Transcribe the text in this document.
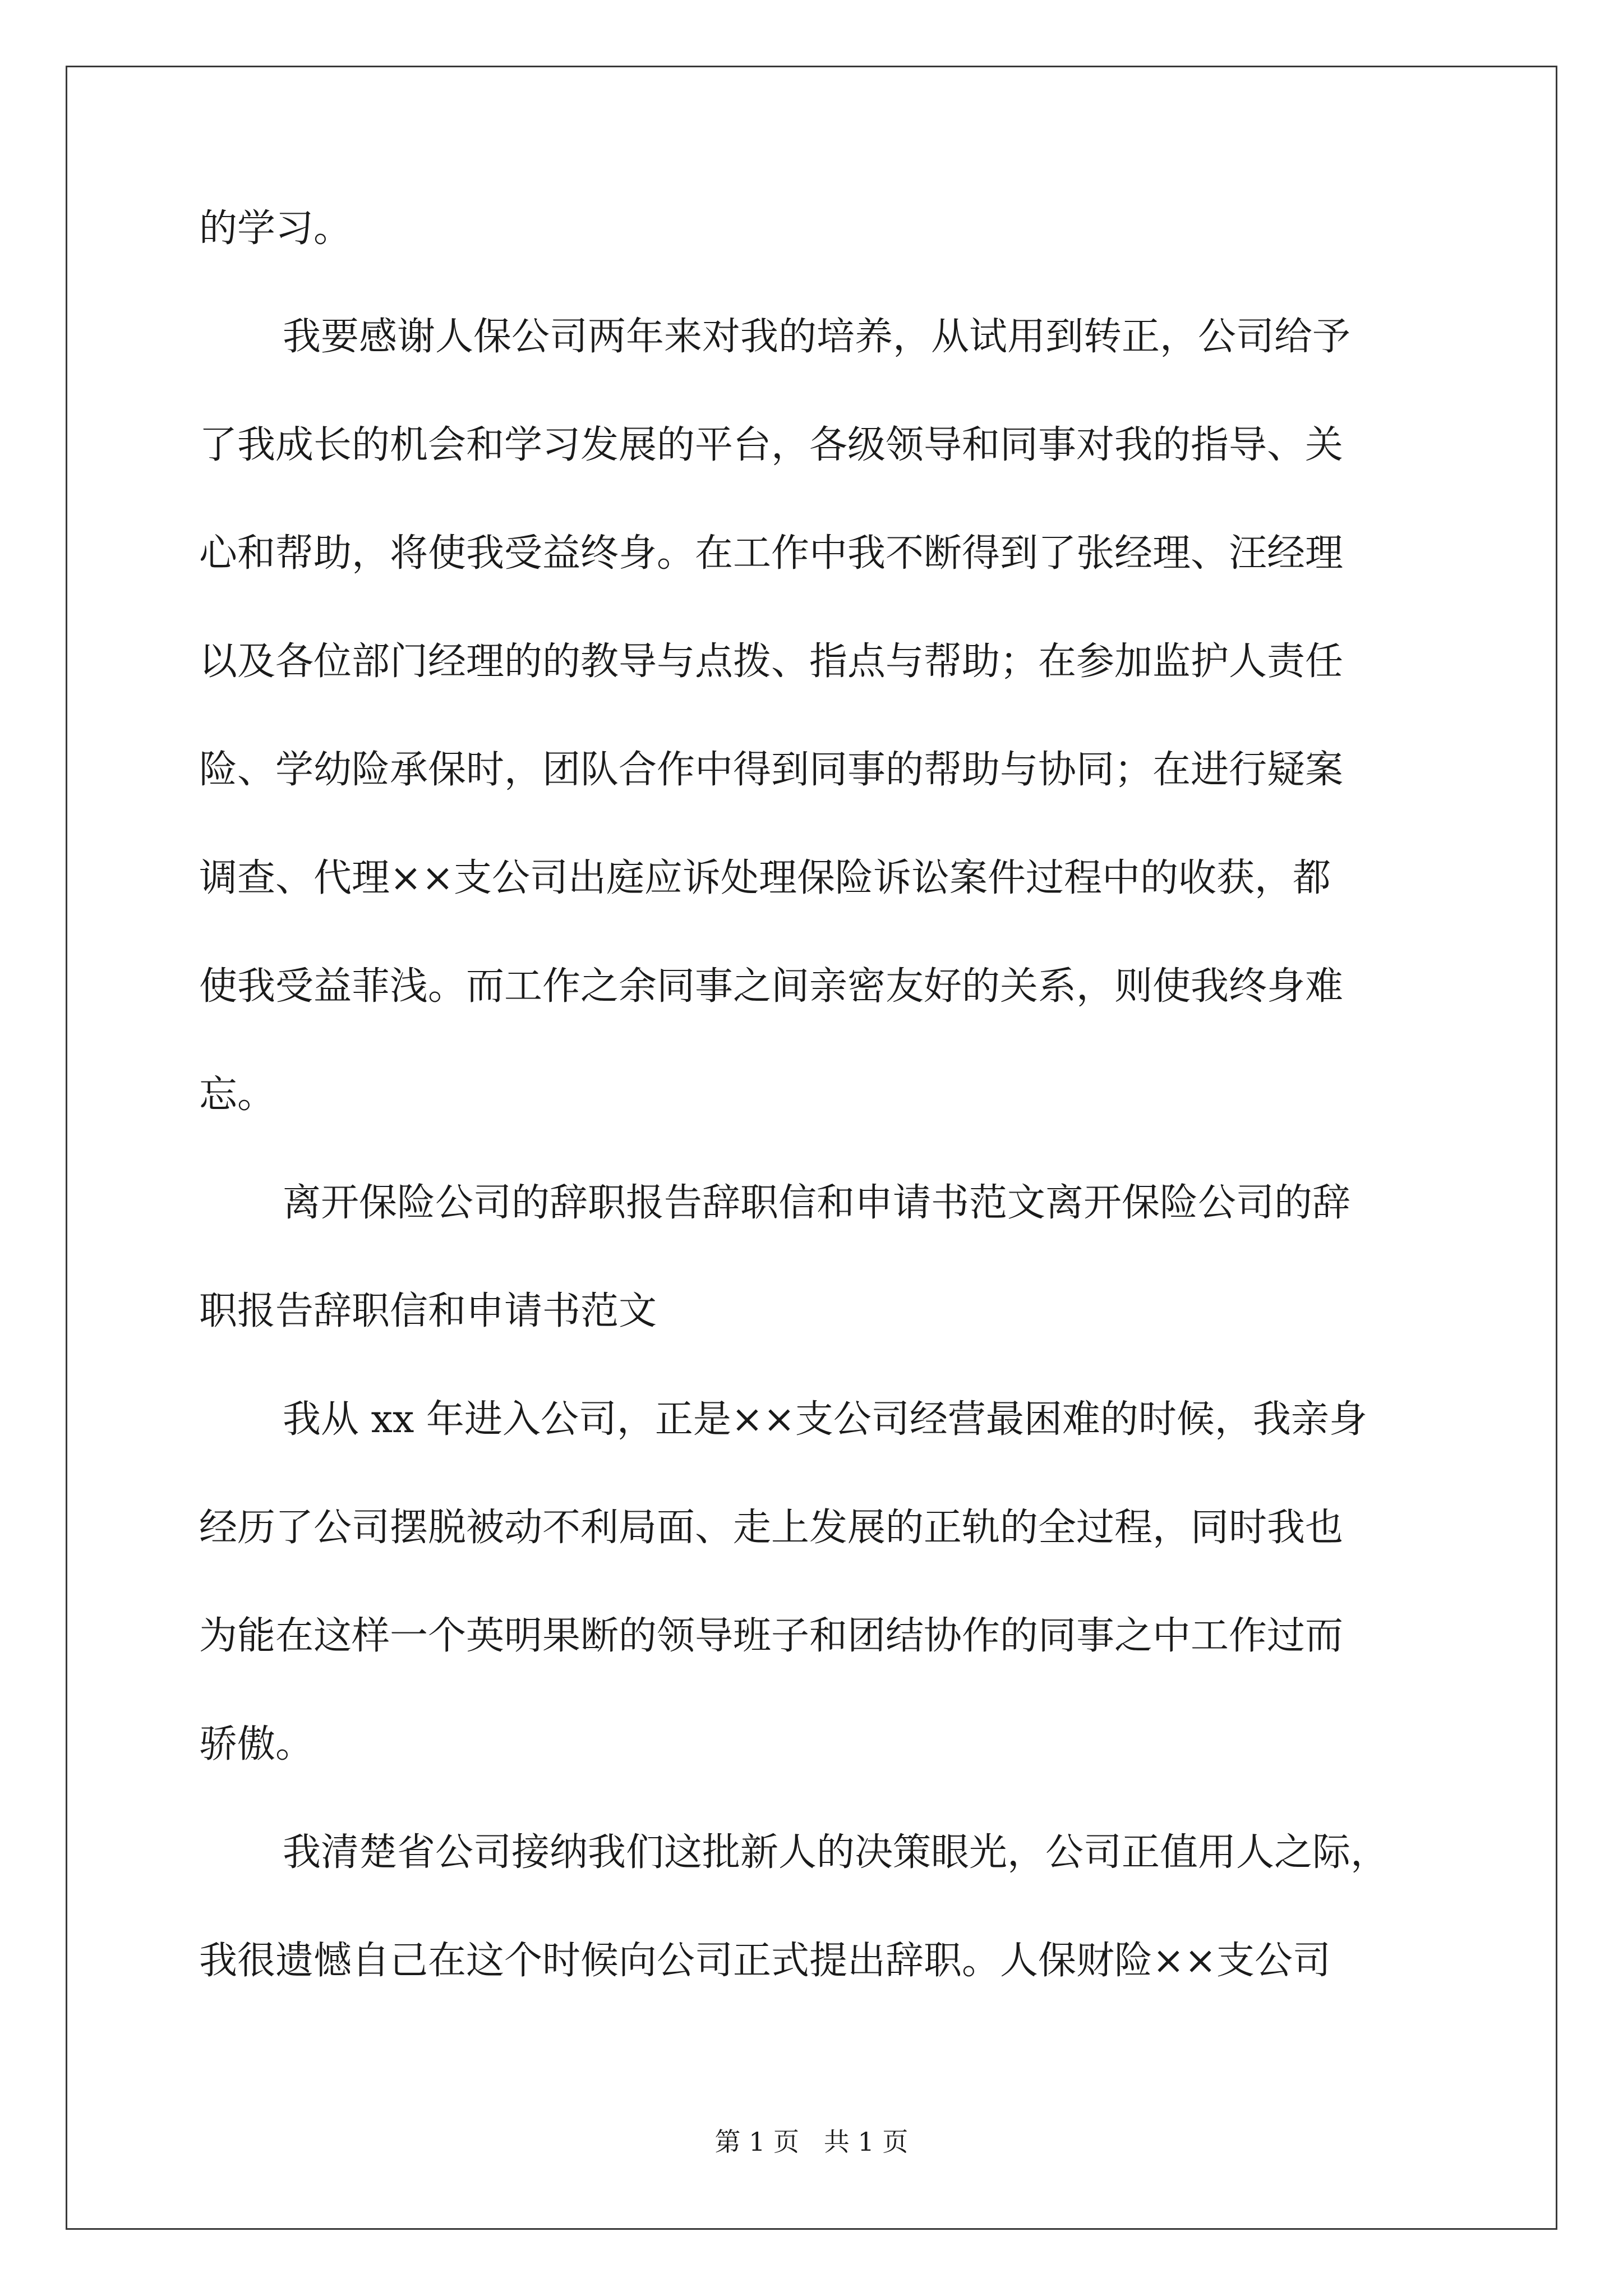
的学习。
我要感谢人保公司两年来对我的培养，从试用到转正，公司给予
了我成长的机会和学习发展的平台，各级领导和同事对我的指导、关
心和帮助，将使我受益终身。在工作中我不断得到了张经理、汪经理
以及各位部门经理的的教导与点拨、指点与帮助；在参加监护人责任
险、学幼险承保时，团队合作中得到同事的帮助与协同；在进行疑案
调查、代理××支公司出庭应诉处理保险诉讼案件过程中的收获，都
使我受益菲浅。而工作之余同事之间亲密友好的关系，则使我终身难
忘。
离开保险公司的辞职报告辞职信和申请书范文离开保险公司的辞
职报告辞职信和申请书范文
我从 xx 年进入公司，正是××支公司经营最困难的时候，我亲身
经历了公司摆脱被动不利局面、走上发展的正轨的全过程，同时我也
为能在这样一个英明果断的领导班子和团结协作的同事之中工作过而
骄傲。
我清楚省公司接纳我们这批新人的决策眼光，公司正值用人之际，
我很遗憾自己在这个时候向公司正式提出辞职。人保财险××支公司
第 1 页   共 1 页
